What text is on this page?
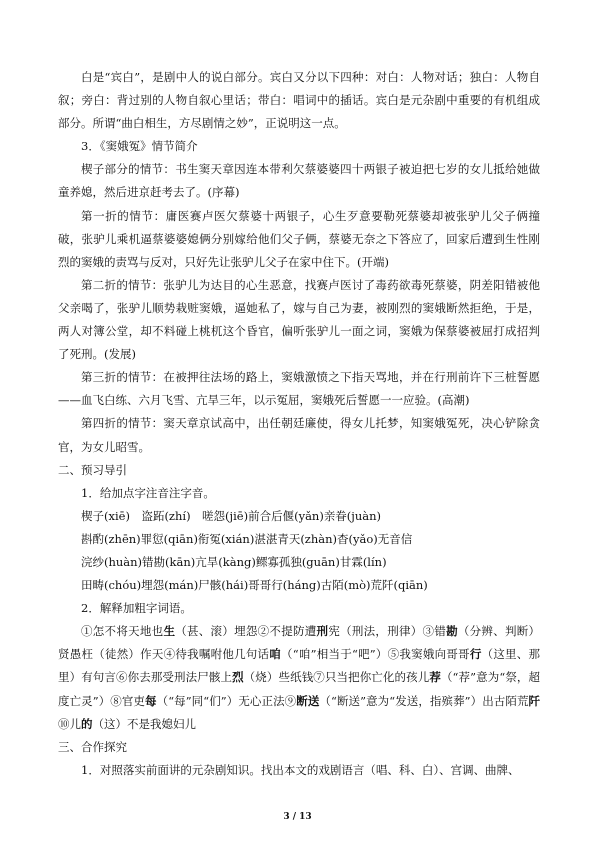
白是“宾白”，是剧中人的说白部分。宾白又分以下四种：对白：人物对话；独白：人物自叙；旁白：背过别的人物自叙心里话；带白：唱词中的插话。宾白是元杂剧中重要的有机组成部分。所谓“曲白相生，方尽剧情之妙”，正说明这一点。

3．《窦娥冤》情节简介

楔子部分的情节：书生窦天章因连本带利欠蔡婆婆四十两银子被迫把七岁的女儿抵给她做童养媳，然后进京赶考去了。(序幕)

第一折的情节：庸医赛卢医欠蔡婆十两银子，心生歹意要勒死蔡婆却被张驴儿父子俩撞破，张驴儿乘机逼蔡婆婆媳俩分别嫁给他们父子俩，蔡婆无奈之下答应了，回家后遭到生性刚烈的窦娥的责骂与反对，只好先让张驴儿父子在家中住下。(开端)

第二折的情节：张驴儿为达目的心生恶意，找赛卢医讨了毒药欲毒死蔡婆，阴差阳错被他父亲喝了，张驴儿顺势栽赃窦娥，逼她私了，嫁与自己为妻，被刚烈的窦娥断然拒绝，于是，两人对簿公堂，却不料碰上桃杌这个昏官，偏听张驴儿一面之词，窦娥为保蔡婆被屈打成招判了死刑。(发展)

第三折的情节：在被押往法场的路上，窦娥激愤之下指天骂地，并在行刑前许下三桩誓愿——血飞白练、六月飞雪、亢旱三年，以示冤屈，窦娥死后誓愿一一应验。(高潮)

第四折的情节：窦天章京试高中，出任朝廷廉使，得女儿托梦，知窦娥冤死，决心铲除贪官，为女儿昭雪。

二、预习导引

1．给加点字注音注字音。

楔子(xiē)　盗跖(zhí)　嗟怨(jiē)前合后偃(yǎn)亲眷(juàn)

斟酌(zhēn)罪愆(qiān)衔冤(xián)湛湛青天(zhàn)杳(yǎo)无音信

浣纱(huàn)错勘(kān)亢旱(kàng)鳏寡孤独(guān)甘霖(lín)

田畴(chóu)埋怨(mán)尸骸(hái)哥哥行(háng)古陌(mò)荒阡(qiān)

2．解释加粗字词语。

①怎不将天地也生（甚、滚）埋怨②不提防遭刑宪（刑法，刑律）③错勘（分辨、判断）贤愚枉（徒然）作天④待我嘱咐他几句话咱（“咱”相当于“吧”）⑤我窦娥向哥哥行（这里、那里）有句言⑥你去那受刑法尸骸上烈（烧）些纸钱⑦只当把你亡化的孩儿荐（“荐”意为“祭，超度亡灵”）⑧官吏每（“每”同“们”）无心正法⑨断送（“断送”意为“发送，指殡葬”）出古陌荒阡⑩儿的（这）不是我媳妇儿

三、合作探究

1．对照落实前面讲的元杂剧知识。找出本文的戏剧语言（唱、科、白）、宫调、曲牌、

3 / 13
